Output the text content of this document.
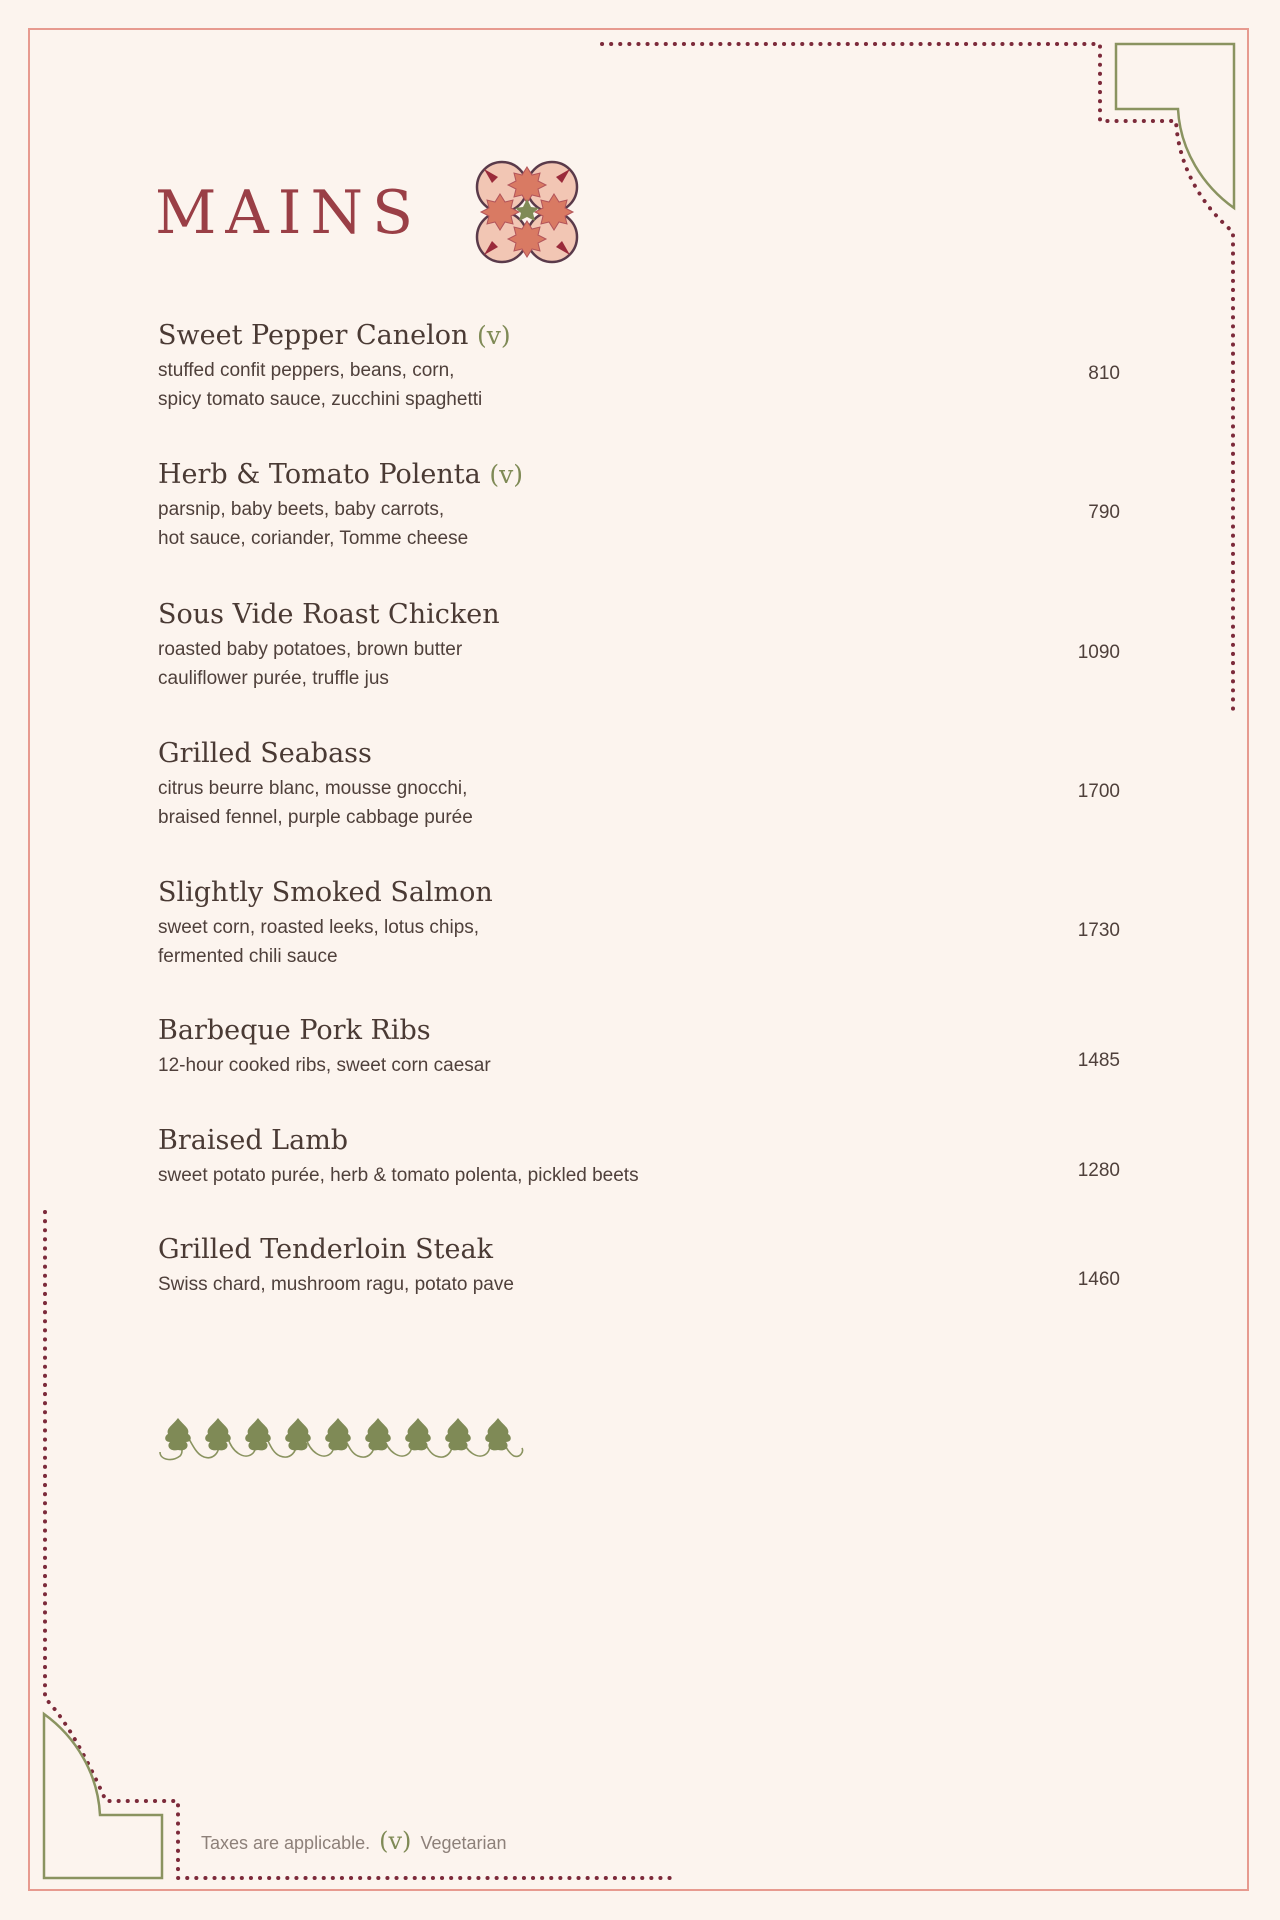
MAINS
Sweet Pepper Canelon (v)
stuffed confit peppers, beans, corn,
spicy tomato sauce, zucchini spaghetti
810
Herb & Tomato Polenta (v)
parsnip, baby beets, baby carrots,
hot sauce, coriander, Tomme cheese
790
Sous Vide Roast Chicken
roasted baby potatoes, brown butter
cauliflower purée, truffle jus
1090
Grilled Seabass
citrus beurre blanc, mousse gnocchi,
braised fennel, purple cabbage purée
1700
Slightly Smoked Salmon
sweet corn, roasted leeks, lotus chips,
fermented chili sauce
1730
Barbeque Pork Ribs
12-hour cooked ribs, sweet corn caesar	1485
Braised Lamb
sweet potato purée, herb & tomato polenta, pickled beets	1280
Grilled Tenderloin Steak
Swiss chard, mushroom ragu, potato pave	1460
Taxes are applicable. (v) Vegetarian
